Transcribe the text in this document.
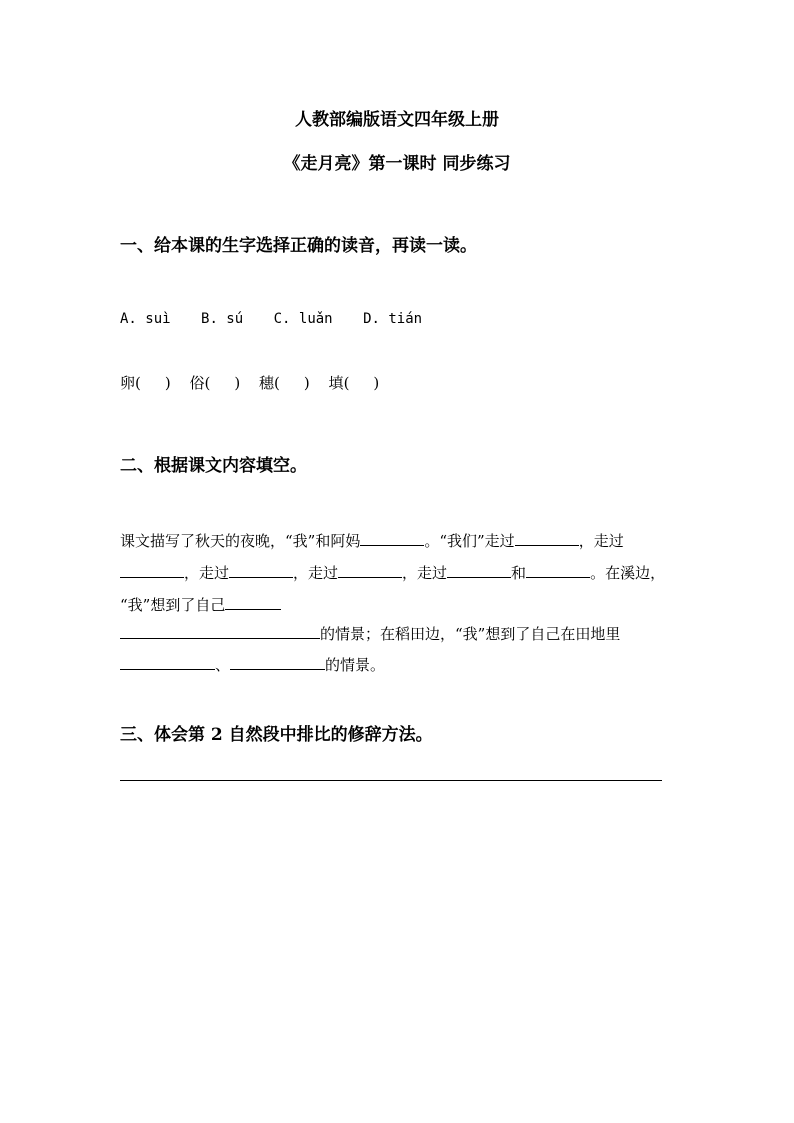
人教部编版语文四年级上册
《走月亮》第一课时 同步练习
一、给本课的生字选择正确的读音，再读一读。
A. suì B. sú C. luǎn D. tián
卵( ) 俗( ) 穗( ) 填( )
二、根据课文内容填空。
课文描写了秋天的夜晚，“我”和阿妈	。“我们”走过	，走过
，走过	，走过	，走过	和	。在溪边，
“我”想到了自己
的情景；在稻田边，“我”想到了自己在田地里
、	的情景。
三、体会第 2 自然段中排比的修辞方法。
